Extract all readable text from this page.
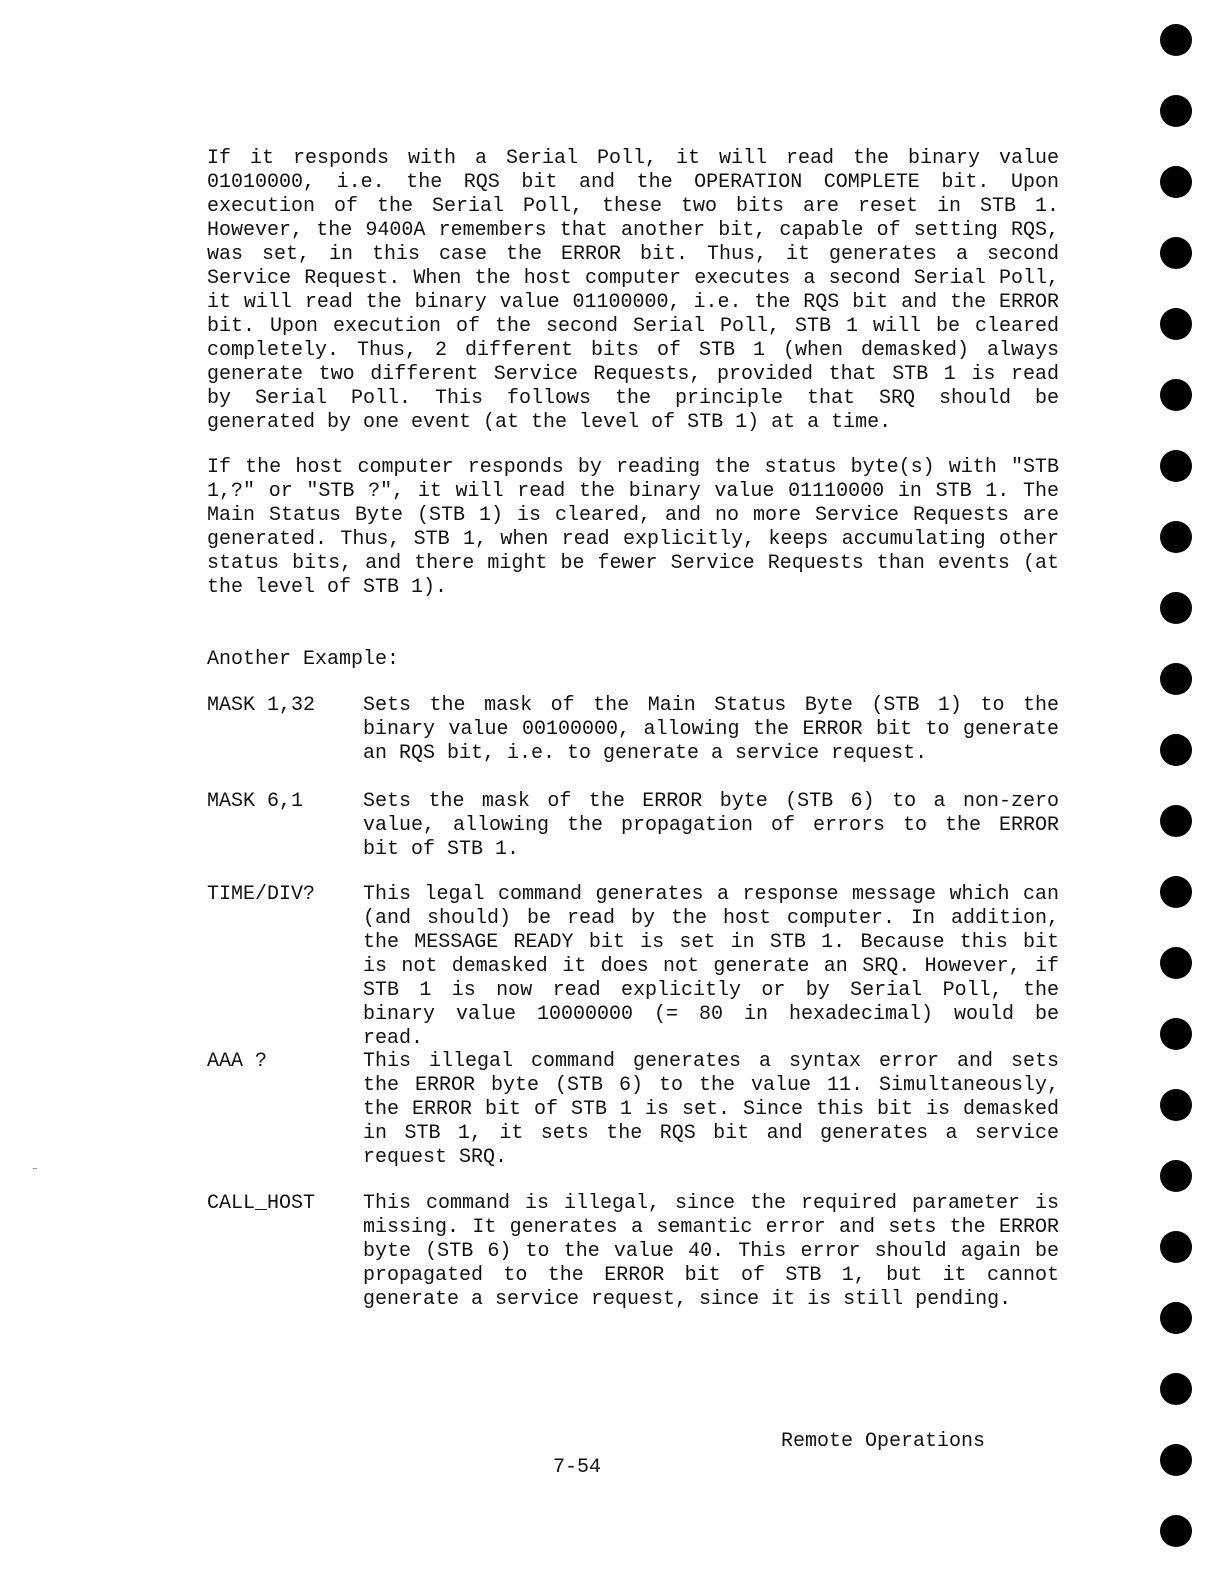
If it responds with a Serial Poll, it will read the binary value 01010000, i.e. the RQS bit and the OPERATION COMPLETE bit. Upon execution of the Serial Poll, these two bits are reset in STB 1. However, the 9400A remembers that another bit, capable of setting RQS, was set, in this case the ERROR bit. Thus, it generates a second Service Request. When the host computer executes a second Serial Poll, it will read the binary value 01100000, i.e. the RQS bit and the ERROR bit. Upon execution of the second Serial Poll, STB 1 will be cleared completely. Thus, 2 different bits of STB 1 (when demasked) always generate two different Service Requests, provided that STB 1 is read by Serial Poll. This follows the principle that SRQ should be generated by one event (at the level of STB 1) at a time.

If the host computer responds by reading the status byte(s) with "STB 1,?" or "STB ?", it will read the binary value 01110000 in STB 1. The Main Status Byte (STB 1) is cleared, and no more Service Requests are generated. Thus, STB 1, when read explicitly, keeps accumulating other status bits, and there might be fewer Service Requests than events (at the level of STB 1).

Another Example:

MASK 1,32	Sets the mask of the Main Status Byte (STB 1) to the binary value 00100000, allowing the ERROR bit to generate an RQS bit, i.e. to generate a service request.
MASK 6,1	Sets the mask of the ERROR byte (STB 6) to a non-zero value, allowing the propagation of errors to the ERROR bit of STB 1.
TIME/DIV?	This legal command generates a response message which can (and should) be read by the host computer. In addition, the MESSAGE READY bit is set in STB 1. Because this bit is not demasked it does not generate an SRQ. However, if STB 1 is now read explicitly or by Serial Poll, the binary value 10000000 (= 80 in hexadecimal) would be read.
AAA ?	This illegal command generates a syntax error and sets the ERROR byte (STB 6) to the value 11. Simultaneously, the ERROR bit of STB 1 is set. Since this bit is demasked in STB 1, it sets the RQS bit and generates a service request SRQ.
CALL_HOST	This command is illegal, since the required parameter is missing. It generates a semantic error and sets the ERROR byte (STB 6) to the value 40. This error should again be propagated to the ERROR bit of STB 1, but it cannot generate a service request, since it is still pending.
Remote Operations
7-54
